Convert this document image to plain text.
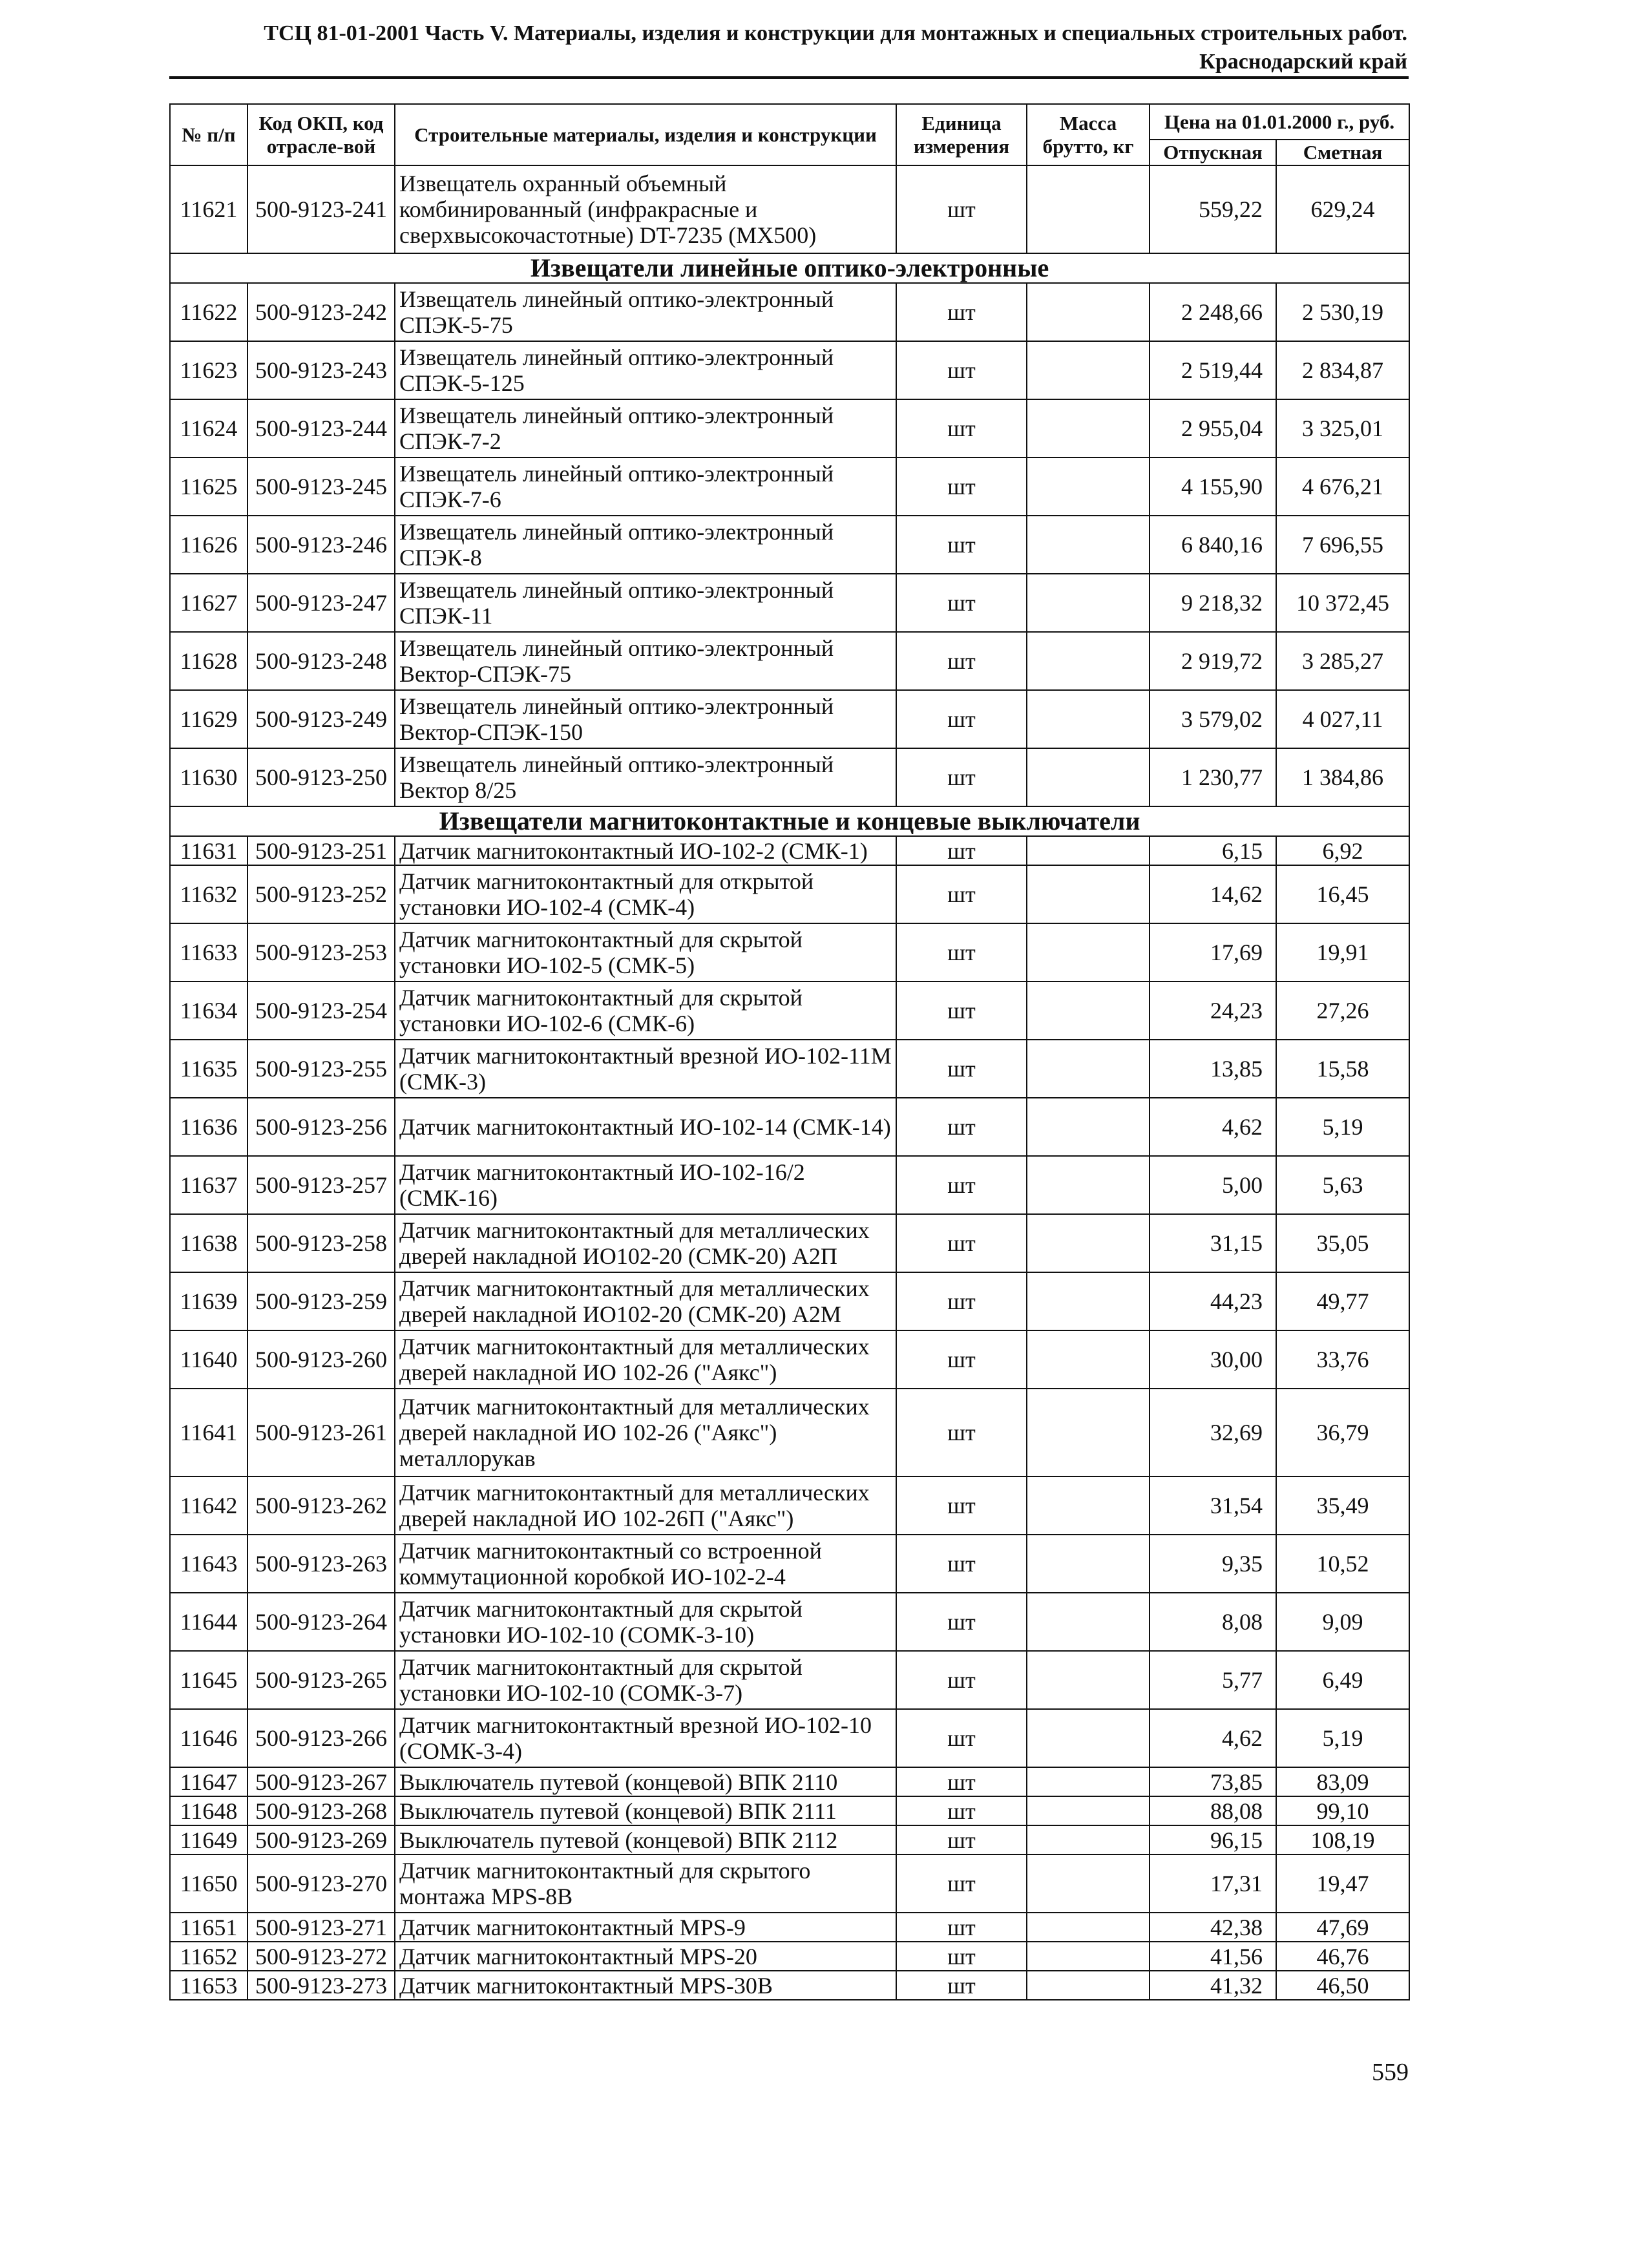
ТСЦ 81-01-2001 Часть V. Материалы, изделия и конструкции для монтажных и специальных строительных работ.
Краснодарский край
№ п/п	Код ОКП, код отрасле-вой	Строительные материалы, изделия и конструкции	Единица измерения	Масса брутто, кг	Цена на 01.01.2000 г., руб.	
					Отпускная	Сметная
11621	500-9123-241	Извещатель охранный объемный комбинированный (инфракрасные и сверхвысокочастотные) DT-7235 (МХ500)	шт		559,22	629,24
Извещатели линейные оптико-электронные						
11622	500-9123-242	Извещатель линейный оптико-электронный СПЭК-5-75	шт		2 248,66	2 530,19
11623	500-9123-243	Извещатель линейный оптико-электронный СПЭК-5-125	шт		2 519,44	2 834,87
11624	500-9123-244	Извещатель линейный оптико-электронный СПЭК-7-2	шт		2 955,04	3 325,01
11625	500-9123-245	Извещатель линейный оптико-электронный СПЭК-7-6	шт		4 155,90	4 676,21
11626	500-9123-246	Извещатель линейный оптико-электронный СПЭК-8	шт		6 840,16	7 696,55
11627	500-9123-247	Извещатель линейный оптико-электронный СПЭК-11	шт		9 218,32	10 372,45
11628	500-9123-248	Извещатель линейный оптико-электронный Вектор-СПЭК-75	шт		2 919,72	3 285,27
11629	500-9123-249	Извещатель линейный оптико-электронный Вектор-СПЭК-150	шт		3 579,02	4 027,11
11630	500-9123-250	Извещатель линейный оптико-электронный Вектор 8/25	шт		1 230,77	1 384,86
Извещатели магнитоконтактные и концевые выключатели						
11631	500-9123-251	Датчик магнитоконтактный ИО-102-2 (СМК-1)	шт		6,15	6,92
11632	500-9123-252	Датчик магнитоконтактный для открытой установки ИО-102-4 (СМК-4)	шт		14,62	16,45
11633	500-9123-253	Датчик магнитоконтактный для скрытой установки ИО-102-5 (СМК-5)	шт		17,69	19,91
11634	500-9123-254	Датчик магнитоконтактный для скрытой установки ИО-102-6 (СМК-6)	шт		24,23	27,26
11635	500-9123-255	Датчик магнитоконтактный врезной ИО-102-11М (СМК-3)	шт		13,85	15,58
11636	500-9123-256	Датчик магнитоконтактный ИО-102-14 (СМК-14)	шт		4,62	5,19
11637	500-9123-257	Датчик магнитоконтактный ИО-102-16/2 (СМК-16)	шт		5,00	5,63
11638	500-9123-258	Датчик магнитоконтактный для металлических дверей накладной ИО102-20 (СМК-20) А2П	шт		31,15	35,05
11639	500-9123-259	Датчик магнитоконтактный для металлических дверей накладной ИО102-20 (СМК-20) А2М	шт		44,23	49,77
11640	500-9123-260	Датчик магнитоконтактный для металлических дверей накладной ИО 102-26 ("Аякс")	шт		30,00	33,76
11641	500-9123-261	Датчик магнитоконтактный для металлических дверей накладной ИО 102-26 ("Аякс") металлорукав	шт		32,69	36,79
11642	500-9123-262	Датчик магнитоконтактный для металлических дверей накладной ИО 102-26П ("Аякс")	шт		31,54	35,49
11643	500-9123-263	Датчик магнитоконтактный со встроенной коммутационной коробкой ИО-102-2-4	шт		9,35	10,52
11644	500-9123-264	Датчик магнитоконтактный для скрытой установки ИО-102-10 (СОМК-3-10)	шт		8,08	9,09
11645	500-9123-265	Датчик магнитоконтактный для скрытой установки ИО-102-10 (СОМК-3-7)	шт		5,77	6,49
11646	500-9123-266	Датчик магнитоконтактный врезной ИО-102-10 (СОМК-3-4)	шт		4,62	5,19
11647	500-9123-267	Выключатель путевой (концевой) ВПК 2110	шт		73,85	83,09
11648	500-9123-268	Выключатель путевой (концевой) ВПК 2111	шт		88,08	99,10
11649	500-9123-269	Выключатель путевой (концевой) ВПК 2112	шт		96,15	108,19
11650	500-9123-270	Датчик магнитоконтактный для скрытого монтажа MPS-8В	шт		17,31	19,47
11651	500-9123-271	Датчик магнитоконтактный MPS-9	шт		42,38	47,69
11652	500-9123-272	Датчик магнитоконтактный MPS-20	шт		41,56	46,76
11653	500-9123-273	Датчик магнитоконтактный MPS-30В	шт		41,32	46,50
559
